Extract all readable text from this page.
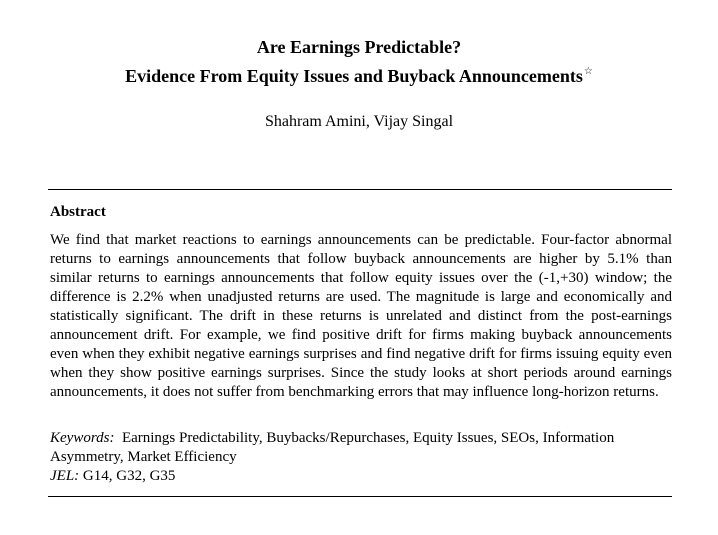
Are Earnings Predictable?
Evidence From Equity Issues and Buyback Announcements☆
Shahram Amini, Vijay Singal
Abstract

We find that market reactions to earnings announcements can be predictable. Four-factor abnormal returns to earnings announcements that follow buyback announcements are higher by 5.1% than similar returns to earnings announcements that follow equity issues over the (-1,+30) window; the difference is 2.2% when unadjusted returns are used. The magnitude is large and economically and statistically significant. The drift in these returns is unrelated and distinct from the post-earnings announcement drift. For example, we find positive drift for firms making buyback announcements even when they exhibit negative earnings surprises and find negative drift for firms issuing equity even when they show positive earnings surprises. Since the study looks at short periods around earnings announcements, it does not suffer from benchmarking errors that may influence long-horizon returns.

Keywords: Earnings Predictability, Buybacks/Repurchases, Equity Issues, SEOs, Information Asymmetry, Market Efficiency

JEL: G14, G32, G35
